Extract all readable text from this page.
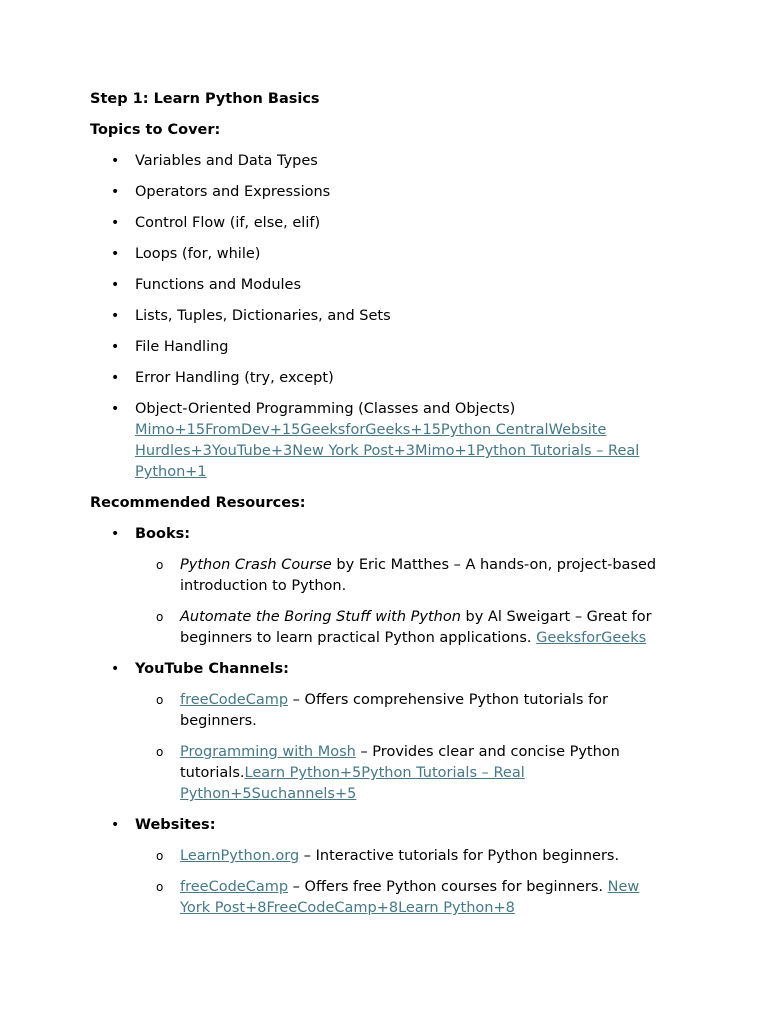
Step 1: Learn Python Basics
Topics to Cover:
• Variables and Data Types
• Operators and Expressions
• Control Flow (if, else, elif)
• Loops (for, while)
• Functions and Modules
• Lists, Tuples, Dictionaries, and Sets
• File Handling
• Error Handling (try, except)
• Object-Oriented Programming (Classes and Objects)
Mimo+15FromDev+15GeeksforGeeks+15Python CentralWebsite
Hurdles+3YouTube+3New York Post+3Mimo+1Python Tutorials – Real
Python+1
Recommended Resources:
• Books:
o Python Crash Course by Eric Matthes – A hands-on, project-based
introduction to Python.
o Automate the Boring Stuff with Python by Al Sweigart – Great for
beginners to learn practical Python applications. GeeksforGeeks
• YouTube Channels:
o freeCodeCamp – Offers comprehensive Python tutorials for
beginners.
o Programming with Mosh – Provides clear and concise Python
tutorials.Learn Python+5Python Tutorials – Real
Python+5Suchannels+5
• Websites:
o LearnPython.org – Interactive tutorials for Python beginners.
o freeCodeCamp – Offers free Python courses for beginners. New
York Post+8FreeCodeCamp+8Learn Python+8
